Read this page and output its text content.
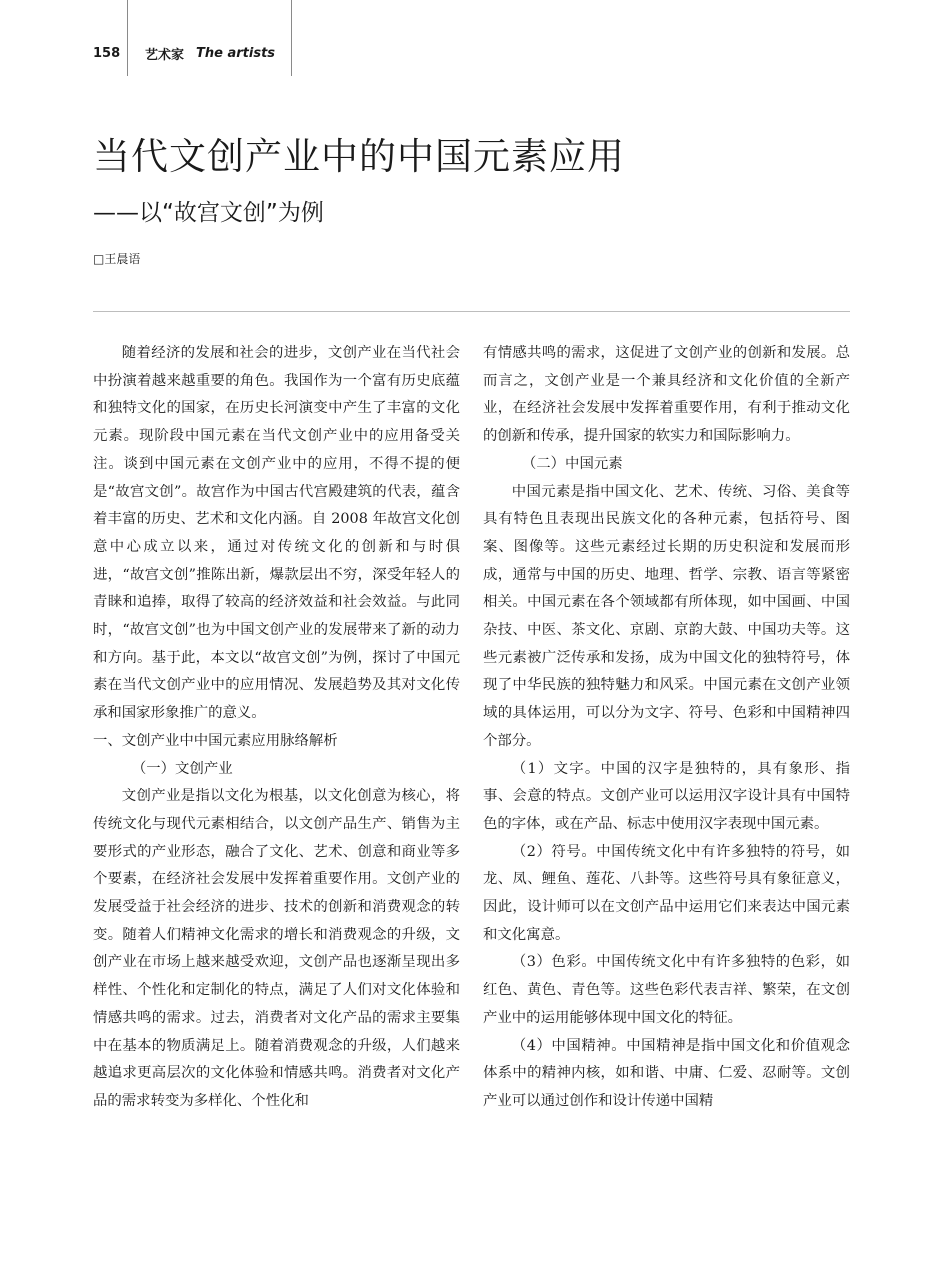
158	艺术家 The artists
当代文创产业中的中国元素应用
——以“故宫文创”为例
□王晨语

随着经济的发展和社会的进步，文创产业在当代社会中扮演着越来越重要的角色。我国作为一个富有历史底蕴和独特文化的国家，在历史长河演变中产生了丰富的文化元素。现阶段中国元素在当代文创产业中的应用备受关注。谈到中国元素在文创产业中的应用，不得不提的便是“故宫文创”。故宫作为中国古代宫殿建筑的代表，蕴含着丰富的历史、艺术和文化内涵。自 2008 年故宫文化创意中心成立以来，通过对传统文化的创新和与时俱进，“故宫文创”推陈出新，爆款层出不穷，深受年轻人的青睐和追捧，取得了较高的经济效益和社会效益。与此同时，“故宫文创”也为中国文创产业的发展带来了新的动力和方向。基于此，本文以“故宫文创”为例，探讨了中国元素在当代文创产业中的应用情况、发展趋势及其对文化传承和国家形象推广的意义。

一、文创产业中中国元素应用脉络解析

（一）文创产业

文创产业是指以文化为根基，以文化创意为核心，将传统文化与现代元素相结合，以文创产品生产、销售为主要形式的产业形态，融合了文化、艺术、创意和商业等多个要素，在经济社会发展中发挥着重要作用。文创产业的发展受益于社会经济的进步、技术的创新和消费观念的转变。随着人们精神文化需求的增长和消费观念的升级，文创产业在市场上越来越受欢迎，文创产品也逐渐呈现出多样性、个性化和定制化的特点，满足了人们对文化体验和情感共鸣的需求。过去，消费者对文化产品的需求主要集中在基本的物质满足上。随着消费观念的升级，人们越来越追求更高层次的文化体验和情感共鸣。消费者对文化产品的需求转变为多样化、个性化和

有情感共鸣的需求，这促进了文创产业的创新和发展。总而言之，文创产业是一个兼具经济和文化价值的全新产业，在经济社会发展中发挥着重要作用，有利于推动文化的创新和传承，提升国家的软实力和国际影响力。

（二）中国元素

中国元素是指中国文化、艺术、传统、习俗、美食等具有特色且表现出民族文化的各种元素，包括符号、图案、图像等。这些元素经过长期的历史积淀和发展而形成，通常与中国的历史、地理、哲学、宗教、语言等紧密相关。中国元素在各个领域都有所体现，如中国画、中国杂技、中医、茶文化、京剧、京韵大鼓、中国功夫等。这些元素被广泛传承和发扬，成为中国文化的独特符号，体现了中华民族的独特魅力和风采。中国元素在文创产业领域的具体运用，可以分为文字、符号、色彩和中国精神四个部分。

（1）文字。中国的汉字是独特的，具有象形、指事、会意的特点。文创产业可以运用汉字设计具有中国特色的字体，或在产品、标志中使用汉字表现中国元素。

（2）符号。中国传统文化中有许多独特的符号，如龙、凤、鲤鱼、莲花、八卦等。这些符号具有象征意义，因此，设计师可以在文创产品中运用它们来表达中国元素和文化寓意。

（3）色彩。中国传统文化中有许多独特的色彩，如红色、黄色、青色等。这些色彩代表吉祥、繁荣，在文创产业中的运用能够体现中国文化的特征。

（4）中国精神。中国精神是指中国文化和价值观念体系中的精神内核，如和谐、中庸、仁爱、忍耐等。文创产业可以通过创作和设计传递中国精
